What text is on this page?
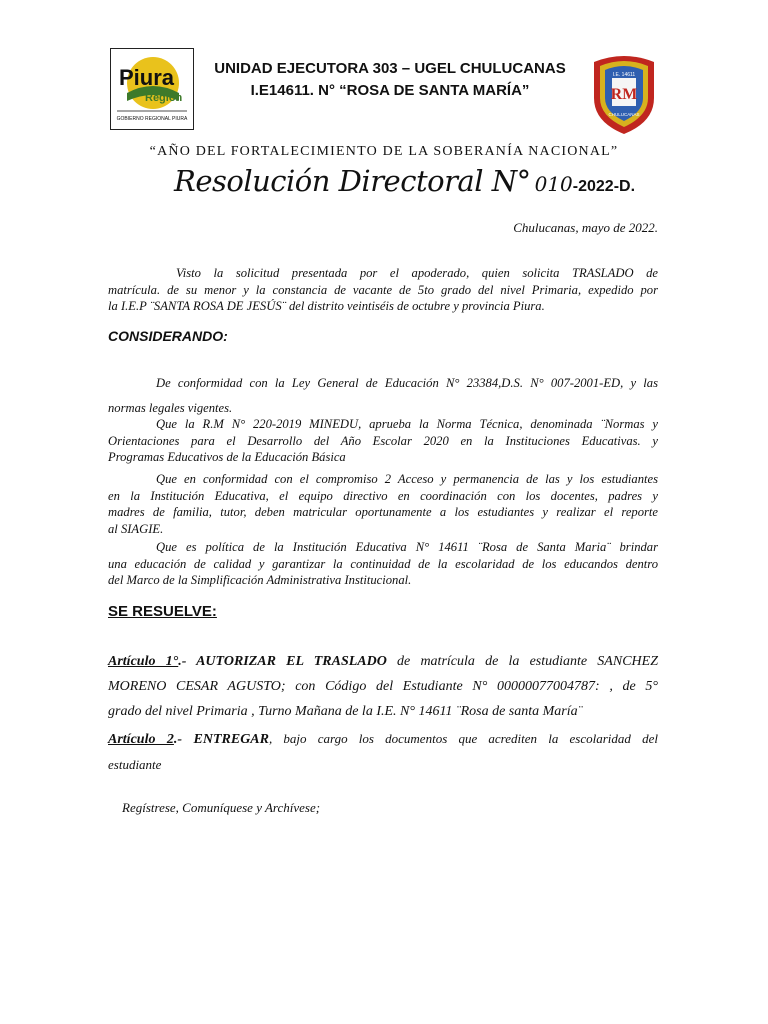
Piura
Región
GOBIERNO REGIONAL PIURA
UNIDAD EJECUTORA 303 – UGEL CHULUCANAS
I.E14611. N° “ROSA DE SANTA MARÍA”
I.E. 14611
RM
CHULUCANAS
“AÑO DEL FORTALECIMIENTO DE LA SOBERANÍA NACIONAL”
Resolución Directoral N° 010-2022-D.
Chulucanas, mayo de 2022.
Visto la solicitud presentada por el apoderado, quien solicita TRASLADO de
matrícula. de su menor y la constancia de vacante de 5to grado del nivel Primaria, expedido por
la I.E.P ¨SANTA ROSA DE JESÚS¨ del distrito veintiséis de octubre y provincia Piura.
CONSIDERANDO:
De conformidad con la Ley General de Educación N° 23384,D.S. N° 007-2001-ED, y las
normas legales vigentes.
Que la R.M N° 220-2019 MINEDU, aprueba la Norma Técnica, denominada ¨Normas y
Orientaciones para el Desarrollo del Año Escolar 2020 en la Instituciones Educativas. y
Programas Educativos de la Educación Básica
Que en conformidad con el compromiso 2 Acceso y permanencia de las y los estudiantes
en la Institución Educativa, el equipo directivo en coordinación con los docentes, padres y
madres de familia, tutor, deben matricular oportunamente a los estudiantes y realizar el reporte
al SIAGIE.
Que es política de la Institución Educativa N° 14611 ¨Rosa de Santa Maria¨ brindar
una educación de calidad y garantizar la continuidad de la escolaridad de los educandos dentro
del Marco de la Simplificación Administrativa Institucional.
SE RESUELVE:
Artículo 1°.- AUTORIZAR EL TRASLADO de matrícula de la estudiante SANCHEZ
MORENO CESAR AGUSTO; con Código del Estudiante N° 00000077004787: , de 5°
grado del nivel Primaria , Turno Mañana de la I.E. N° 14611 ¨Rosa de santa María¨
Artículo 2.- ENTREGAR, bajo cargo los documentos que acrediten la escolaridad del
estudiante
Regístrese, Comuníquese y Archívese;
